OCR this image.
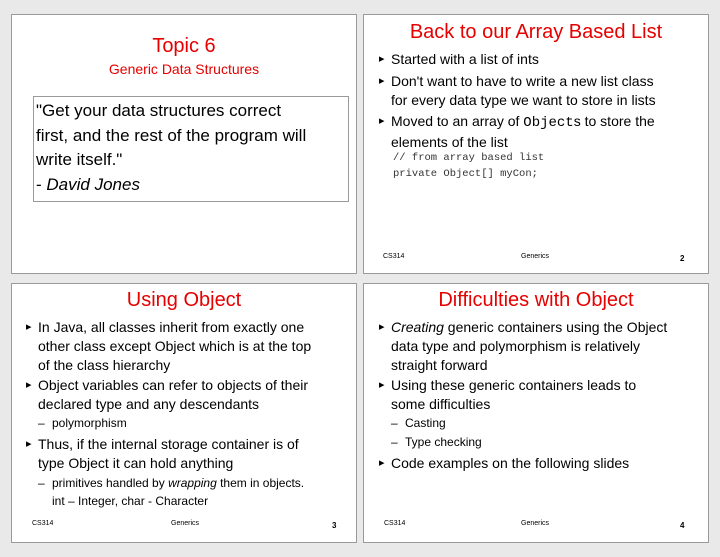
Topic 6
Generic Data Structures
"Get your data structures correct
first, and the rest of the program will
write itself."
- David Jones
Back to our Array Based List
▸ Started with a list of ints
▸ Don't want to have to write a new list class
for every data type we want to store in lists
▸ Moved to an array of Objects to store the
elements of the list
// from array based list
private Object[] myCon;
CS314	Generics	2
Using Object
▸ In Java, all classes inherit from exactly one
other class except Object which is at the top
of the class hierarchy
▸ Object variables can refer to objects of their
declared type and any descendants
– polymorphism
▸ Thus, if the internal storage container is of
type Object it can hold anything
– primitives handled by wrapping them in objects.
int – Integer, char - Character
CS314	Generics	3
Difficulties with Object
▸ Creating generic containers using the Object
data type and polymorphism is relatively
straight forward
▸ Using these generic containers leads to
some difficulties
– Casting
– Type checking
▸ Code examples on the following slides
CS314	Generics	4
